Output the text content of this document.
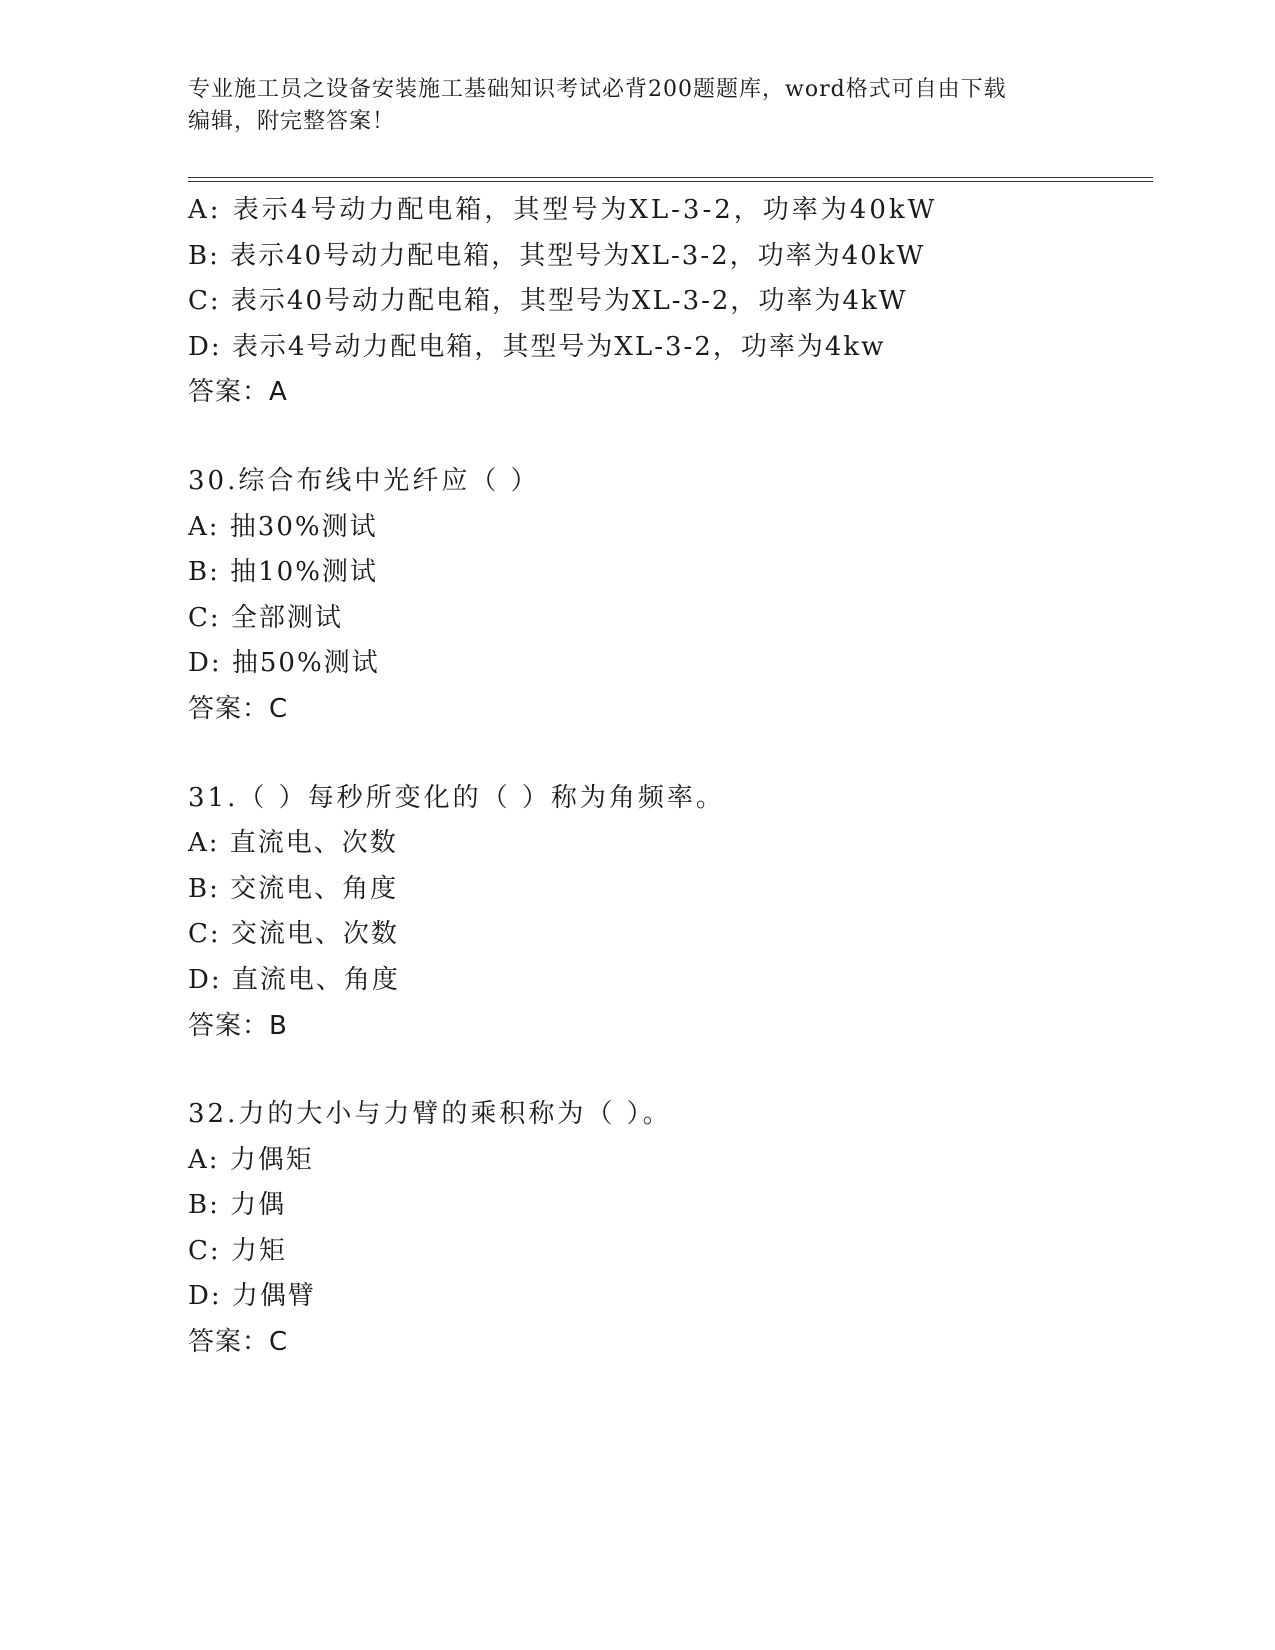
专业施工员之设备安装施工基础知识考试必背200题题库，word格式可自由下载
编辑，附完整答案！
A: 表示4号动力配电箱，其型号为XL-3-2，功率为40kW
B: 表示40号动力配电箱，其型号为XL-3-2，功率为40kW
C: 表示40号动力配电箱，其型号为XL-3-2，功率为4kW
D: 表示4号动力配电箱，其型号为XL-3-2，功率为4kw
答案：A
30.综合布线中光纤应（ ）
A: 抽30%测试
B: 抽10%测试
C: 全部测试
D: 抽50%测试
答案：C
31.（ ）每秒所变化的（ ）称为角频率。
A: 直流电、次数
B: 交流电、角度
C: 交流电、次数
D: 直流电、角度
答案：B
32.力的大小与力臂的乘积称为（ ）。
A: 力偶矩
B: 力偶
C: 力矩
D: 力偶臂
答案：C
